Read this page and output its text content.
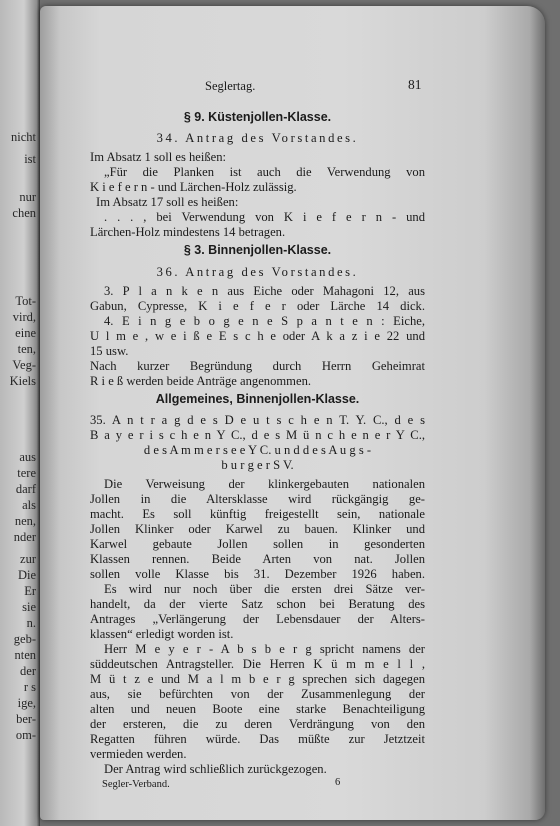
nicht
ist
nur
chen
Tot-
vird,
eine
ten,
Veg-
Kiels
aus
tere
darf
als
nen,
nder
zur
Die
Er
sie
n.
geb-
nten
der
r s
ige,
ber-
om-
Seglertag.	81
§ 9. Küstenjollen-Klasse.
34. Antrag des Vorstandes.
Im Absatz 1 soll es heißen:
„Für die Planken ist auch die Verwendung von
K i e f e r n - und Lärchen-Holz zulässig.
Im Absatz 17 soll es heißen:
. . . , bei Verwendung von K i e f e r n - und
Lärchen-Holz mindestens 14 betragen.
§ 3. Binnenjollen-Klasse.
36. Antrag des Vorstandes.
3. P l a n k e n aus Eiche oder Mahagoni 12, aus
Gabun, Cypresse, K i e f e r oder Lärche 14 dick.
4. E i n g e b o g e n e S p a n t e n : Eiche,
U l m e , w e i ß e E s c h e oder A k a z i e 22 und
15 usw.
Nach kurzer Begründung durch Herrn Geheimrat
R i e ß werden beide Anträge angenommen.
Allgemeines, Binnenjollen-Klasse.
35. A n t r a g d e s D e u t s c h e n T. Y. C., d e s
B a y e r i s c h e n Y C., d e s M ü n c h e n e r Y C.,
d e s A m m e r s e e Y C. u n d d e s A u g s -
b u r g e r S V.
Die Verweisung der klinkergebauten nationalen
Jollen in die Altersklasse wird rückgängig ge-
macht. Es soll künftig freigestellt sein, nationale
Jollen Klinker oder Karwel zu bauen. Klinker und
Karwel gebaute Jollen sollen in gesonderten
Klassen rennen. Beide Arten von nat. Jollen
sollen volle Klasse bis 31. Dezember 1926 haben.
Es wird nur noch über die ersten drei Sätze ver-
handelt, da der vierte Satz schon bei Beratung des
Antrages „Verlängerung der Lebensdauer der Alters-
klassen“ erledigt worden ist.
Herr M e y e r - A b s b e r g spricht namens der
süddeutschen Antragsteller. Die Herren K ü m m e l l ,
M ü t z e und M a l m b e r g sprechen sich dagegen
aus, sie befürchten von der Zusammenlegung der
alten und neuen Boote eine starke Benachteiligung
der ersteren, die zu deren Verdrängung von den
Regatten führen würde. Das müßte zur Jetztzeit
vermieden werden.
Der Antrag wird schließlich zurückgezogen.
Segler-Verband.	6
